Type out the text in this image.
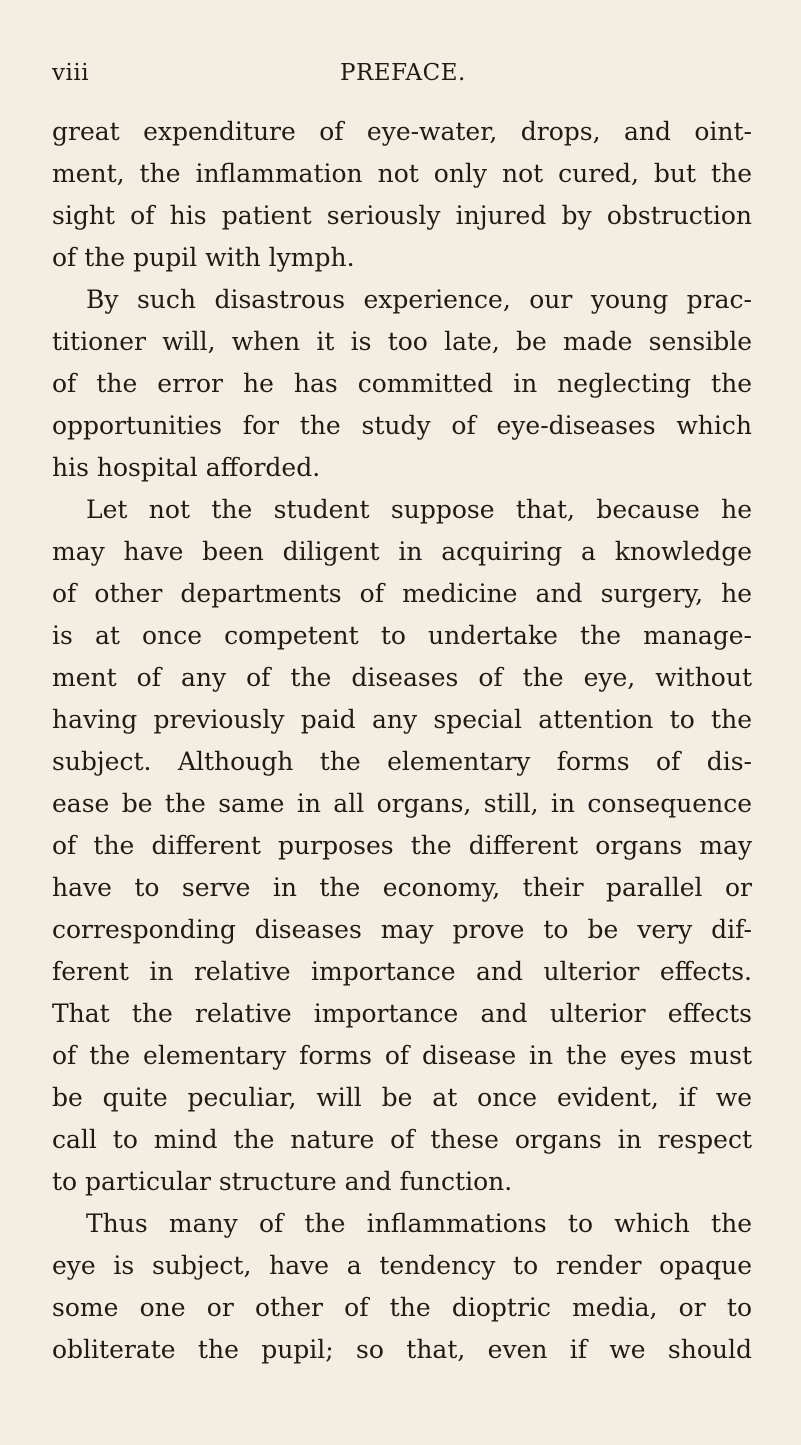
viii	PREFACE.
great expenditure of eye-water, drops, and oint-
ment, the inflammation not only not cured, but the
sight of his patient seriously injured by obstruction
of the pupil with lymph.
By such disastrous experience, our young prac-
titioner will, when it is too late, be made sensible
of the error he has committed in neglecting the
opportunities for the study of eye-diseases which
his hospital afforded.
Let not the student suppose that, because he
may have been diligent in acquiring a knowledge
of other departments of medicine and surgery, he
is at once competent to undertake the manage-
ment of any of the diseases of the eye, without
having previously paid any special attention to the
subject. Although the elementary forms of dis-
ease be the same in all organs, still, in consequence
of the different purposes the different organs may
have to serve in the economy, their parallel or
corresponding diseases may prove to be very dif-
ferent in relative importance and ulterior effects.
That the relative importance and ulterior effects
of the elementary forms of disease in the eyes must
be quite peculiar, will be at once evident, if we
call to mind the nature of these organs in respect
to particular structure and function.
Thus many of the inflammations to which the
eye is subject, have a tendency to render opaque
some one or other of the dioptric media, or to
obliterate the pupil; so that, even if we should
